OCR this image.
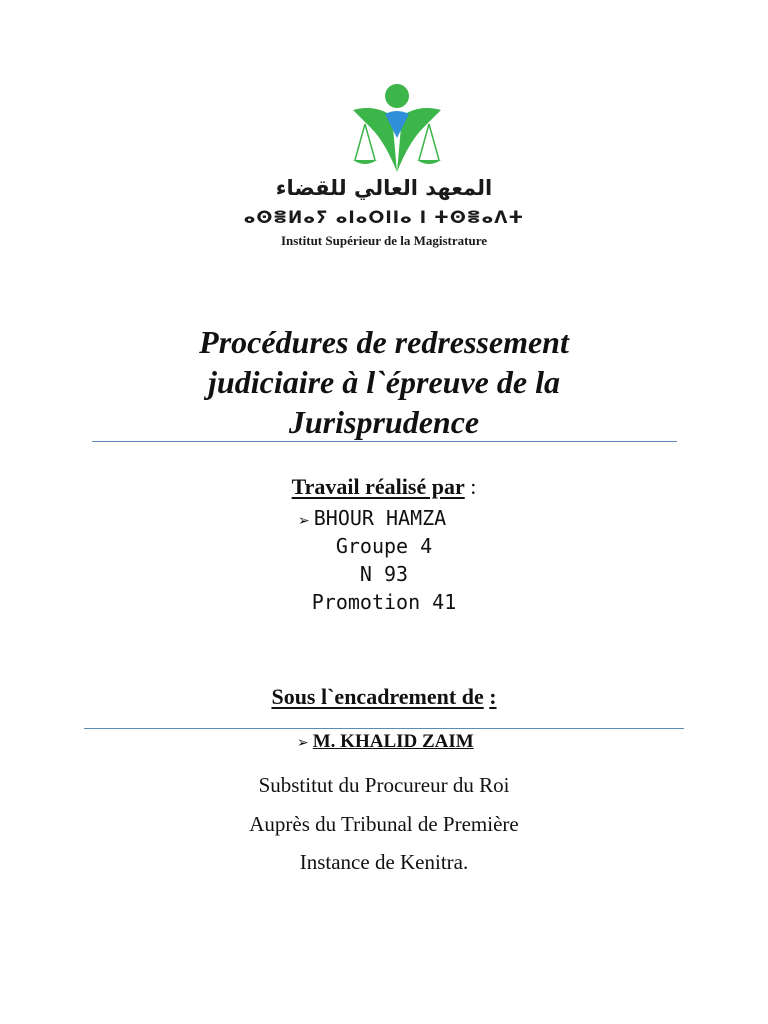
المعهد العالي للقضاء
ⴰⵙⴻⵍⴰⵢ ⴰⵏⴰⵔⵏⵏⴰ ⵏ ⵜⵙⴻⴰⴷⵜ
Institut Supérieur de la Magistrature
Procédures de redressement
judiciaire à l`épreuve de la
Jurisprudence
Travail réalisé par :
➢ BHOUR HAMZA
Groupe 4
N 93
Promotion 41
Sous l`encadrement de :
➢ M. KHALID ZAIM
Substitut du Procureur du Roi
Auprès du Tribunal de Première
Instance de Kenitra.
